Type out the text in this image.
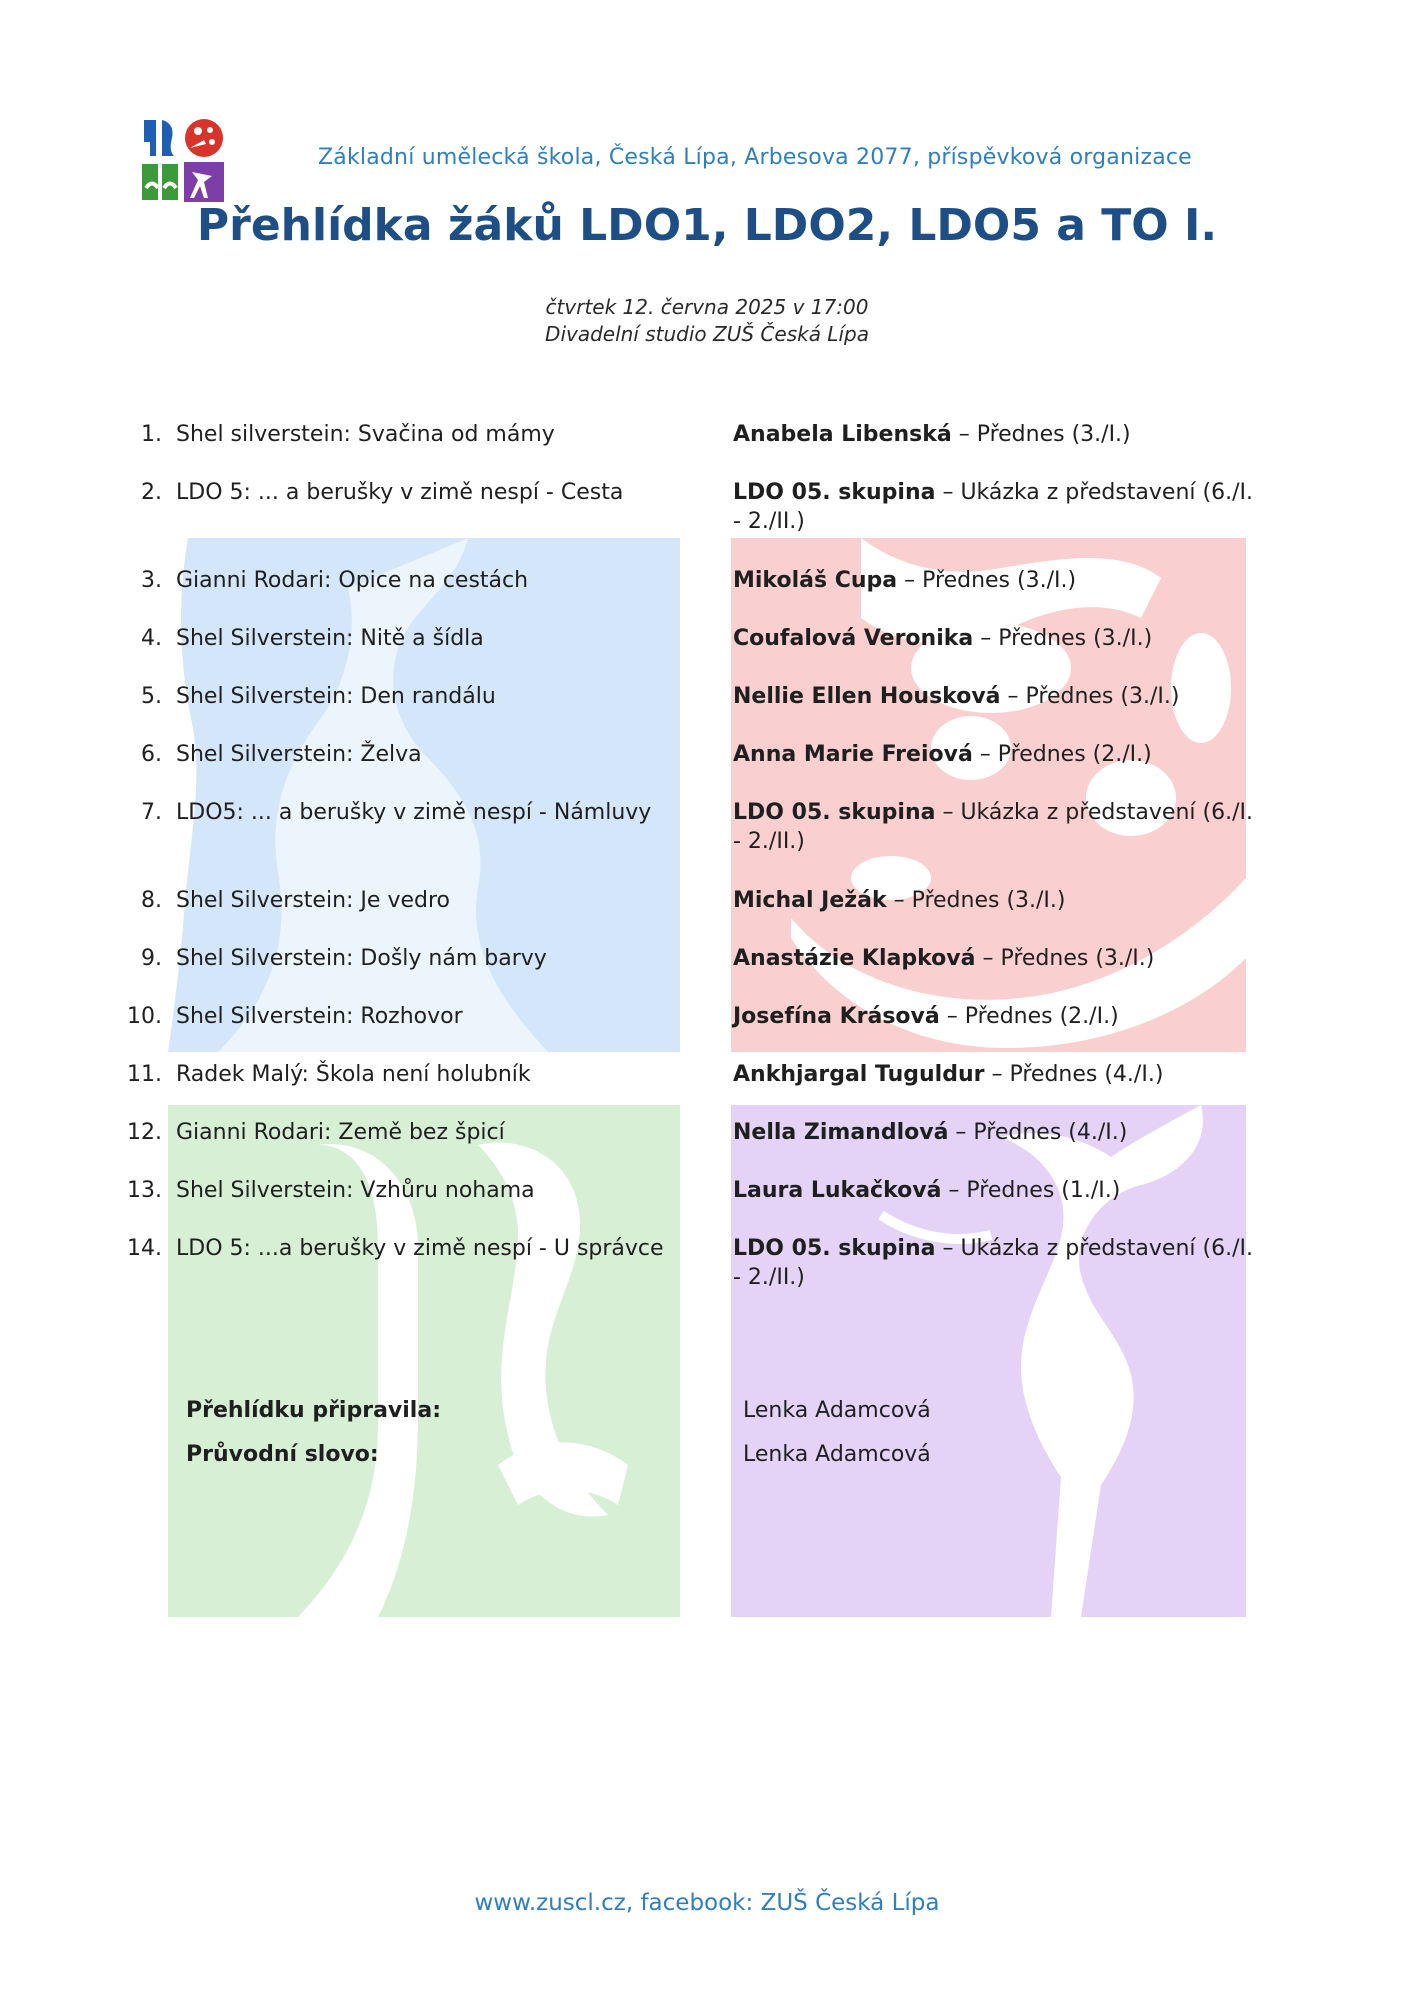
Základní umělecká škola, Česká Lípa, Arbesova 2077, příspěvková organizace
Přehlídka žáků LDO1, LDO2, LDO5 a TO I.
čtvrtek 12. června 2025 v 17:00
Divadelní studio ZUŠ Česká Lípa
1. Shel silverstein: Svačina od mámy	Anabela Libenská – Přednes (3./I.)
2. LDO 5: ... a berušky v zimě nespí - Cesta	LDO 05. skupina – Ukázka z představení (6./I. - 2./II.)
3. Gianni Rodari: Opice na cestách	Mikoláš Cupa – Přednes (3./I.)
4. Shel Silverstein: Nitě a šídla	Coufalová Veronika – Přednes (3./I.)
5. Shel Silverstein: Den randálu	Nellie Ellen Housková – Přednes (3./I.)
6. Shel Silverstein: Želva	Anna Marie Freiová – Přednes (2./I.)
7. LDO5: ... a berušky v zimě nespí - Námluvy	LDO 05. skupina – Ukázka z představení (6./I. - 2./II.)
8. Shel Silverstein: Je vedro	Michal Ježák – Přednes (3./I.)
9. Shel Silverstein: Došly nám barvy	Anastázie Klapková – Přednes (3./I.)
10. Shel Silverstein: Rozhovor	Josefína Krásová – Přednes (2./I.)
11. Radek Malý: Škola není holubník	Ankhjargal Tuguldur – Přednes (4./I.)
12. Gianni Rodari: Země bez špicí	Nella Zimandlová – Přednes (4./I.)
13. Shel Silverstein: Vzhůru nohama	Laura Lukačková – Přednes (1./I.)
14. LDO 5: ...a berušky v zimě nespí - U správce	LDO 05. skupina – Ukázka z představení (6./I. - 2./II.)
Přehlídku připravila:	Lenka Adamcová
Průvodní slovo:	Lenka Adamcová
www.zuscl.cz, facebook: ZUŠ Česká Lípa
